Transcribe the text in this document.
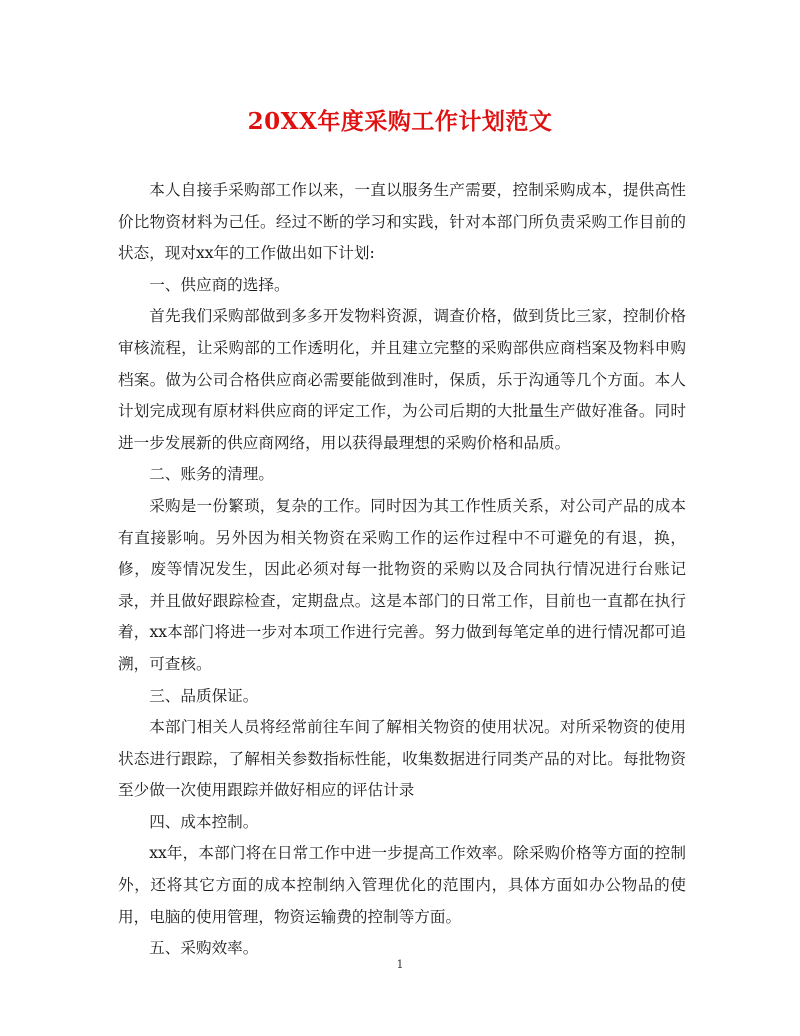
20XX年度采购工作计划范文

本人自接手采购部工作以来，一直以服务生产需要，控制采购成本，提供高性价比物资材料为己任。经过不断的学习和实践，针对本部门所负责采购工作目前的状态，现对xx年的工作做出如下计划:

一、供应商的选择。

首先我们采购部做到多多开发物料资源，调查价格，做到货比三家，控制价格审核流程，让采购部的工作透明化，并且建立完整的采购部供应商档案及物料申购档案。做为公司合格供应商必需要能做到准时，保质，乐于沟通等几个方面。本人计划完成现有原材料供应商的评定工作，为公司后期的大批量生产做好准备。同时进一步发展新的供应商网络，用以获得最理想的采购价格和品质。

二、账务的清理。

采购是一份繁琐，复杂的工作。同时因为其工作性质关系，对公司产品的成本有直接影响。另外因为相关物资在采购工作的运作过程中不可避免的有退，换，修，废等情况发生，因此必须对每一批物资的采购以及合同执行情况进行台账记录，并且做好跟踪检查，定期盘点。这是本部门的日常工作，目前也一直都在执行着，xx本部门将进一步对本项工作进行完善。努力做到每笔定单的进行情况都可追溯，可查核。

三、品质保证。

本部门相关人员将经常前往车间了解相关物资的使用状况。对所采物资的使用状态进行跟踪，了解相关参数指标性能，收集数据进行同类产品的对比。每批物资至少做一次使用跟踪并做好相应的评估计录

四、成本控制。

xx年，本部门将在日常工作中进一步提高工作效率。除采购价格等方面的控制外，还将其它方面的成本控制纳入管理优化的范围内，具体方面如办公物品的使用，电脑的使用管理，物资运输费的控制等方面。

五、采购效率。

1
